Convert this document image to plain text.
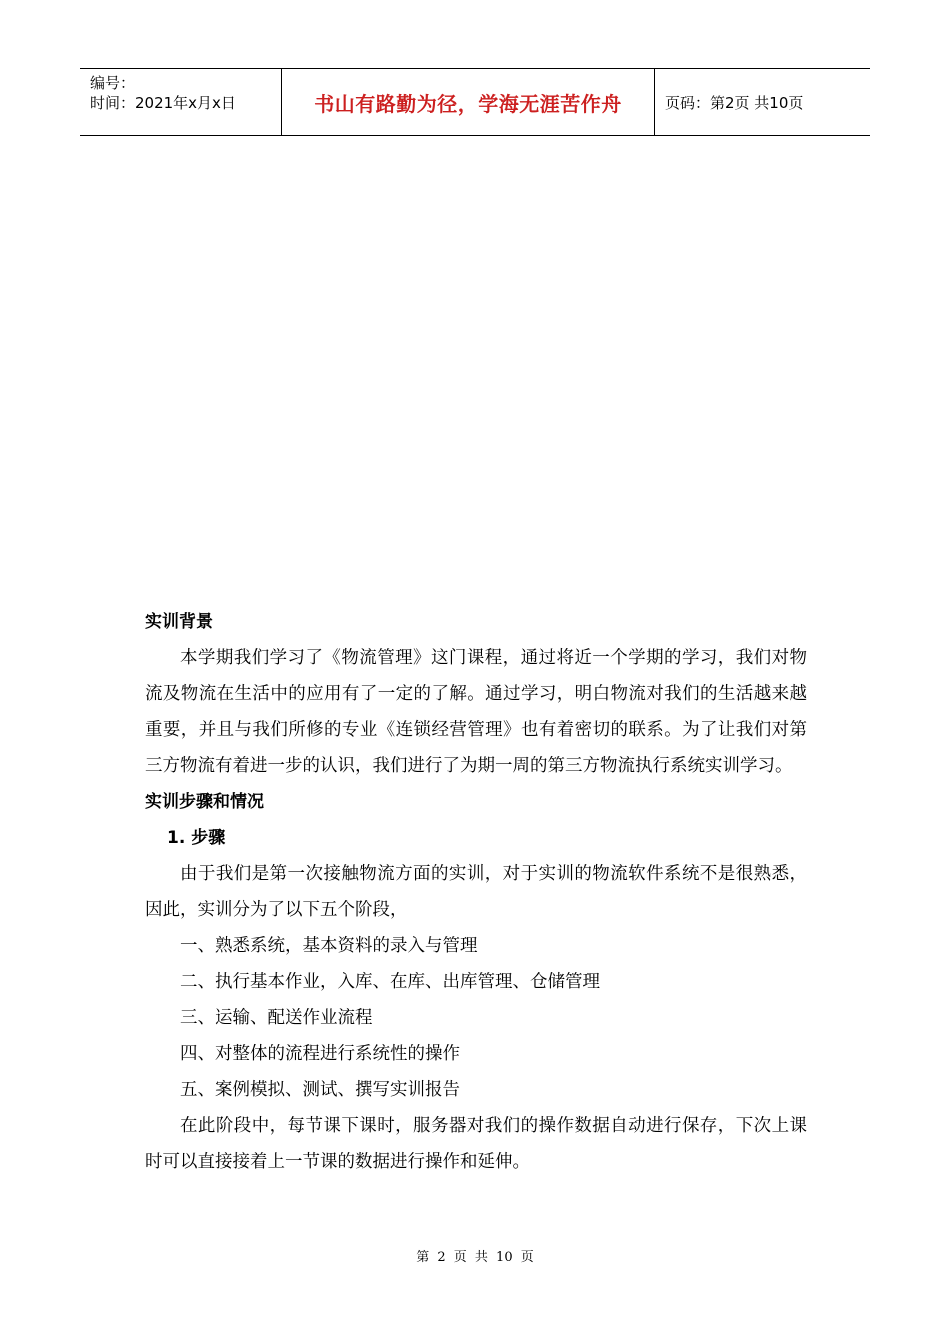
编号：
时间：2021年x月x日	书山有路勤为径，学海无涯苦作舟	页码：第2页 共10页
实训背景
本学期我们学习了《物流管理》这门课程，通过将近一个学期的学习，我们对物流及物流在生活中的应用有了一定的了解。通过学习，明白物流对我们的生活越来越重要，并且与我们所修的专业《连锁经营管理》也有着密切的联系。为了让我们对第三方物流有着进一步的认识，我们进行了为期一周的第三方物流执行系统实训学习。
实训步骤和情况
1. 步骤
由于我们是第一次接触物流方面的实训，对于实训的物流软件系统不是很熟悉，因此，实训分为了以下五个阶段，
一、熟悉系统，基本资料的录入与管理
二、执行基本作业，入库、在库、出库管理、仓储管理
三、运输、配送作业流程
四、对整体的流程进行系统性的操作
五、案例模拟、测试、撰写实训报告
在此阶段中，每节课下课时，服务器对我们的操作数据自动进行保存，下次上课时可以直接接着上一节课的数据进行操作和延伸。
第 2 页 共 10 页
